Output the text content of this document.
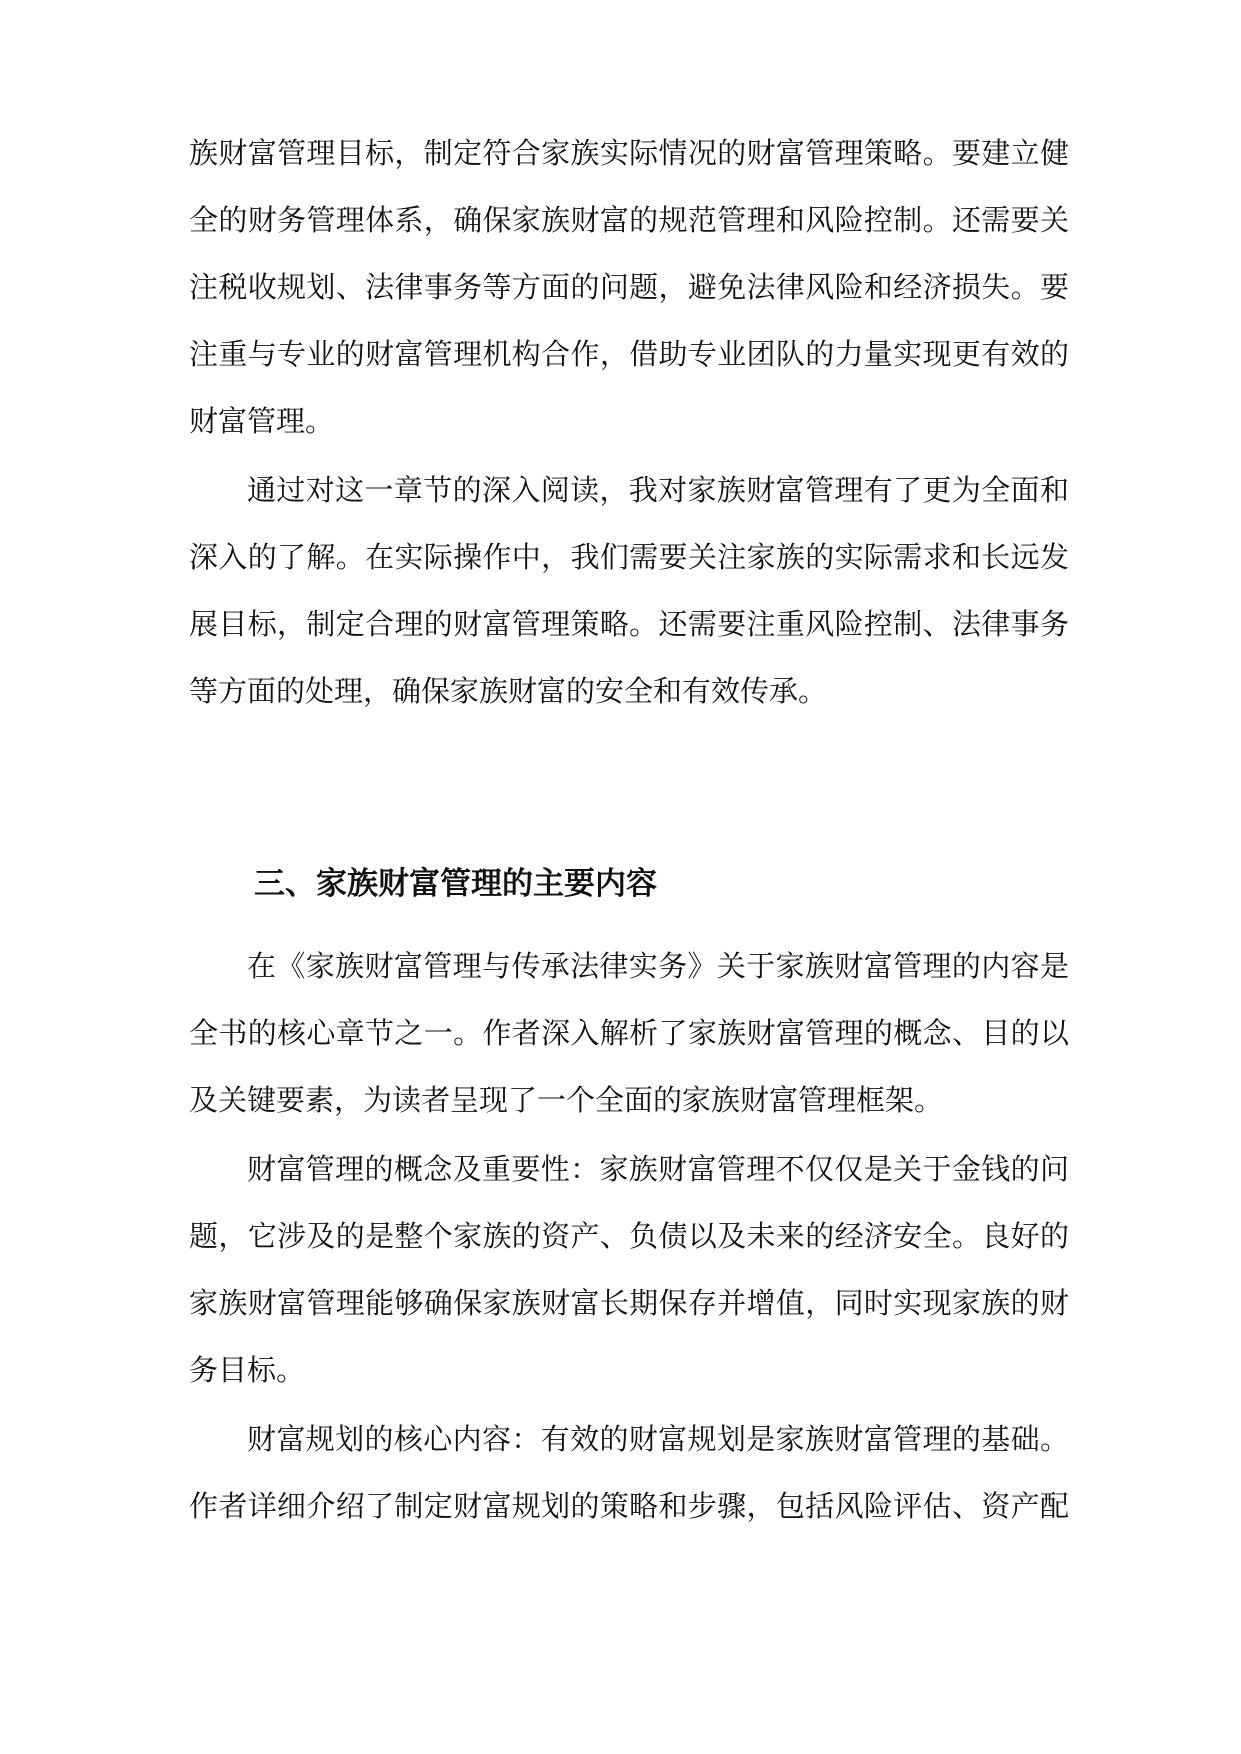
族财富管理目标，制定符合家族实际情况的财富管理策略。要建立健
全的财务管理体系，确保家族财富的规范管理和风险控制。还需要关
注税收规划、法律事务等方面的问题，避免法律风险和经济损失。要
注重与专业的财富管理机构合作，借助专业团队的力量实现更有效的
财富管理。
通过对这一章节的深入阅读，我对家族财富管理有了更为全面和
深入的了解。在实际操作中，我们需要关注家族的实际需求和长远发
展目标，制定合理的财富管理策略。还需要注重风险控制、法律事务
等方面的处理，确保家族财富的安全和有效传承。
三、家族财富管理的主要内容
在《家族财富管理与传承法律实务》关于家族财富管理的内容是
全书的核心章节之一。作者深入解析了家族财富管理的概念、目的以
及关键要素，为读者呈现了一个全面的家族财富管理框架。
财富管理的概念及重要性：家族财富管理不仅仅是关于金钱的问
题，它涉及的是整个家族的资产、负债以及未来的经济安全。良好的
家族财富管理能够确保家族财富长期保存并增值，同时实现家族的财
务目标。
财富规划的核心内容：有效的财富规划是家族财富管理的基础。
作者详细介绍了制定财富规划的策略和步骤，包括风险评估、资产配
